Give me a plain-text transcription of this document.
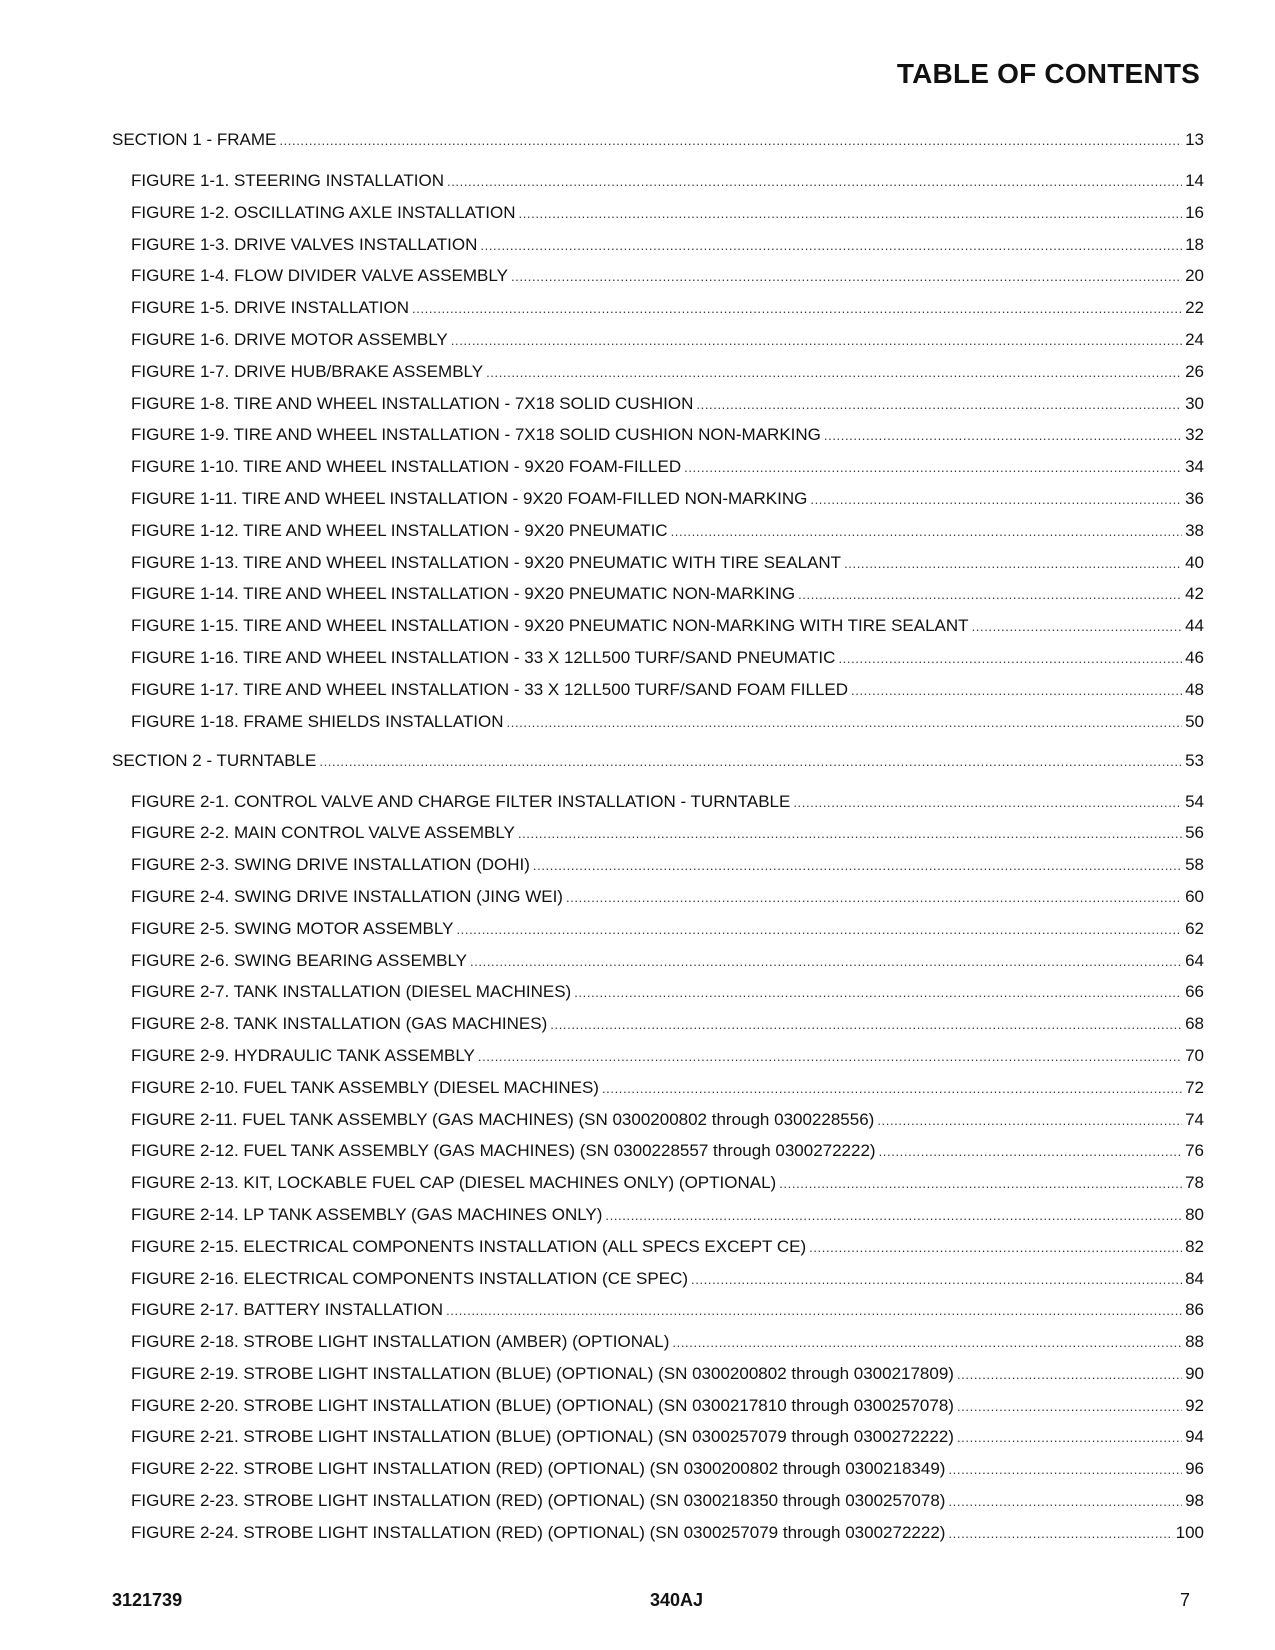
TABLE OF CONTENTS
SECTION 1 - FRAME .....	13
FIGURE 1-1. STEERING INSTALLATION .....	14
FIGURE 1-2. OSCILLATING AXLE INSTALLATION .....	16
FIGURE 1-3. DRIVE VALVES INSTALLATION .....	18
FIGURE 1-4. FLOW DIVIDER VALVE ASSEMBLY .....	20
FIGURE 1-5. DRIVE INSTALLATION .....	22
FIGURE 1-6. DRIVE MOTOR ASSEMBLY .....	24
FIGURE 1-7. DRIVE HUB/BRAKE ASSEMBLY .....	26
FIGURE 1-8. TIRE AND WHEEL INSTALLATION - 7X18 SOLID CUSHION .....	30
FIGURE 1-9. TIRE AND WHEEL INSTALLATION - 7X18 SOLID CUSHION NON-MARKING .....	32
FIGURE 1-10. TIRE AND WHEEL INSTALLATION - 9X20 FOAM-FILLED .....	34
FIGURE 1-11. TIRE AND WHEEL INSTALLATION - 9X20 FOAM-FILLED NON-MARKING .....	36
FIGURE 1-12. TIRE AND WHEEL INSTALLATION - 9X20 PNEUMATIC .....	38
FIGURE 1-13. TIRE AND WHEEL INSTALLATION - 9X20 PNEUMATIC WITH TIRE SEALANT .....	40
FIGURE 1-14. TIRE AND WHEEL INSTALLATION - 9X20 PNEUMATIC NON-MARKING .....	42
FIGURE 1-15. TIRE AND WHEEL INSTALLATION - 9X20 PNEUMATIC NON-MARKING WITH TIRE SEALANT .....	44
FIGURE 1-16. TIRE AND WHEEL INSTALLATION - 33 X 12LL500 TURF/SAND PNEUMATIC .....	46
FIGURE 1-17. TIRE AND WHEEL INSTALLATION - 33 X 12LL500 TURF/SAND FOAM FILLED .....	48
FIGURE 1-18. FRAME SHIELDS INSTALLATION .....	50
SECTION 2 - TURNTABLE .....	53
FIGURE 2-1. CONTROL VALVE AND CHARGE FILTER INSTALLATION - TURNTABLE .....	54
FIGURE 2-2. MAIN CONTROL VALVE ASSEMBLY .....	56
FIGURE 2-3. SWING DRIVE INSTALLATION (DOHI) .....	58
FIGURE 2-4. SWING DRIVE INSTALLATION (JING WEI) .....	60
FIGURE 2-5. SWING MOTOR ASSEMBLY .....	62
FIGURE 2-6. SWING BEARING ASSEMBLY .....	64
FIGURE 2-7. TANK INSTALLATION (DIESEL MACHINES) .....	66
FIGURE 2-8. TANK INSTALLATION (GAS MACHINES) .....	68
FIGURE 2-9. HYDRAULIC TANK ASSEMBLY .....	70
FIGURE 2-10. FUEL TANK ASSEMBLY (DIESEL MACHINES) .....	72
FIGURE 2-11. FUEL TANK ASSEMBLY (GAS MACHINES) (SN 0300200802 through 0300228556) .....	74
FIGURE 2-12. FUEL TANK ASSEMBLY (GAS MACHINES) (SN 0300228557 through 0300272222) .....	76
FIGURE 2-13. KIT, LOCKABLE FUEL CAP (DIESEL MACHINES ONLY) (OPTIONAL) .....	78
FIGURE 2-14. LP TANK ASSEMBLY (GAS MACHINES ONLY) .....	80
FIGURE 2-15. ELECTRICAL COMPONENTS INSTALLATION (ALL SPECS EXCEPT CE) .....	82
FIGURE 2-16. ELECTRICAL COMPONENTS INSTALLATION (CE SPEC) .....	84
FIGURE 2-17. BATTERY INSTALLATION .....	86
FIGURE 2-18. STROBE LIGHT INSTALLATION (AMBER) (OPTIONAL) .....	88
FIGURE 2-19. STROBE LIGHT INSTALLATION (BLUE) (OPTIONAL) (SN 0300200802 through 0300217809) .....	90
FIGURE 2-20. STROBE LIGHT INSTALLATION (BLUE) (OPTIONAL) (SN 0300217810 through 0300257078) .....	92
FIGURE 2-21. STROBE LIGHT INSTALLATION (BLUE) (OPTIONAL) (SN 0300257079 through 0300272222) .....	94
FIGURE 2-22. STROBE LIGHT INSTALLATION (RED) (OPTIONAL) (SN 0300200802 through 0300218349) .....	96
FIGURE 2-23. STROBE LIGHT INSTALLATION (RED) (OPTIONAL) (SN 0300218350 through 0300257078) .....	98
FIGURE 2-24. STROBE LIGHT INSTALLATION (RED) (OPTIONAL) (SN 0300257079 through 0300272222) .....	100
3121739	340AJ	7
